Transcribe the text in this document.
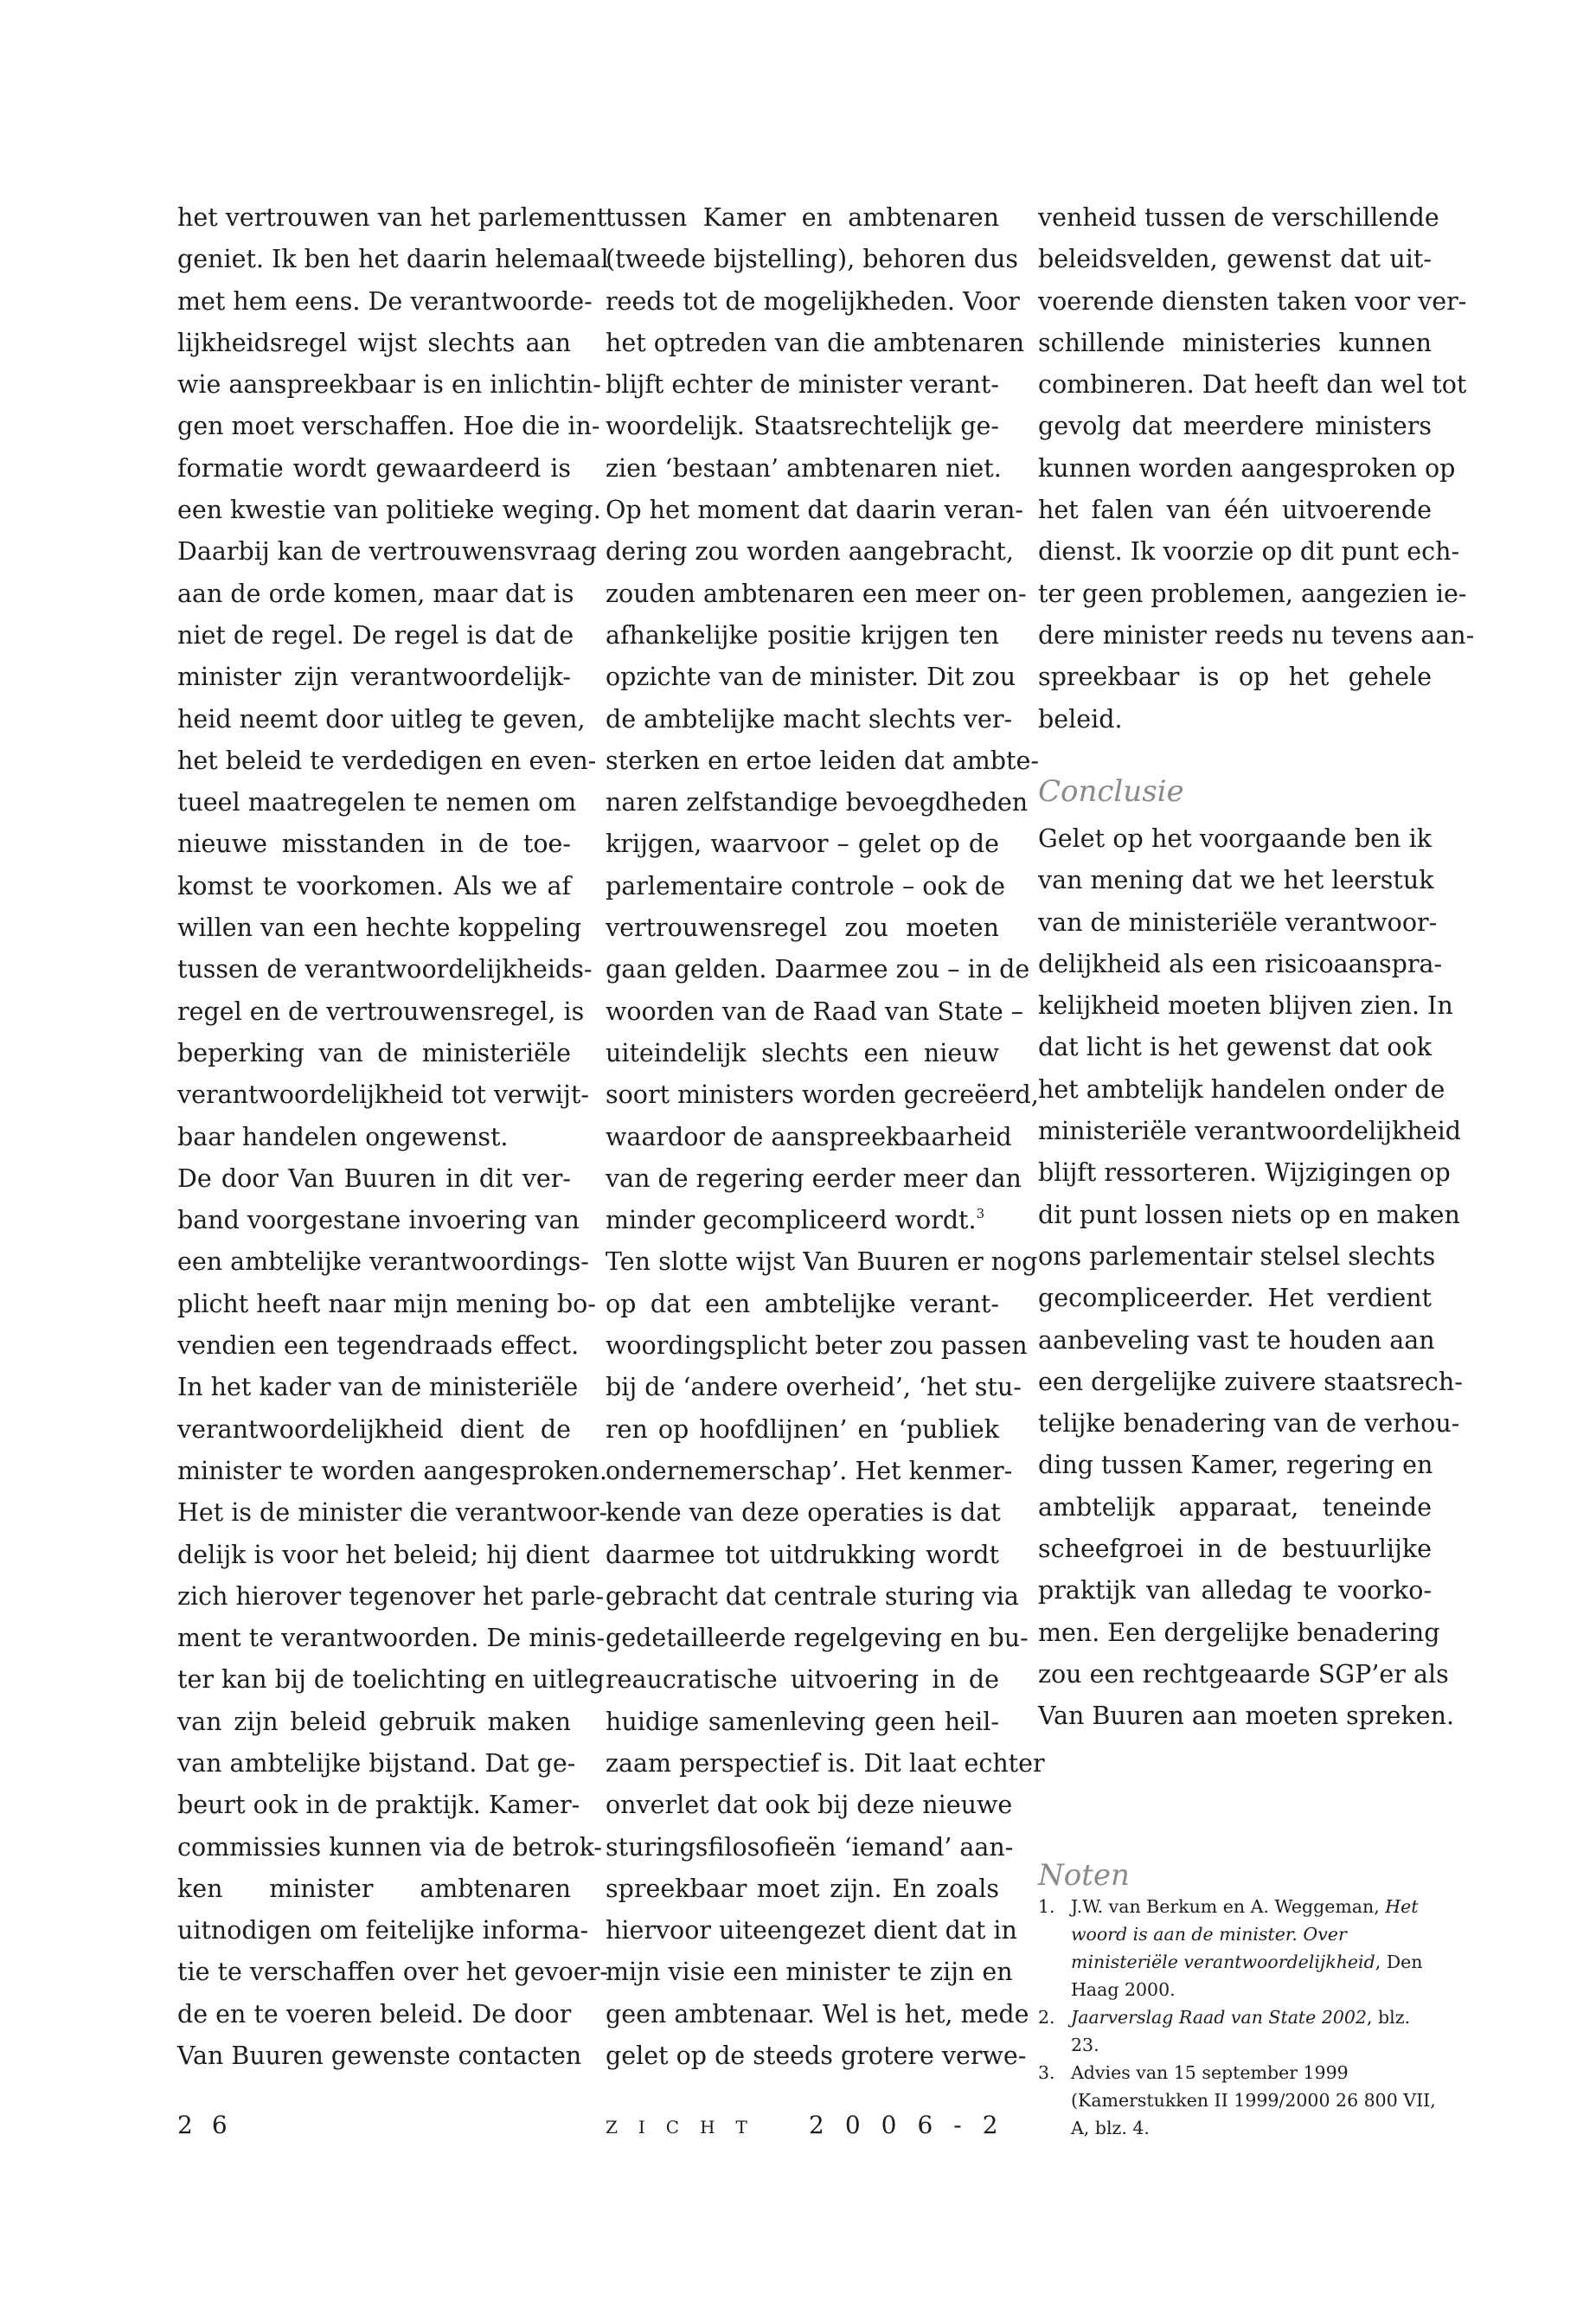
het vertrouwen van het parlement
geniet. Ik ben het daarin helemaal
met hem eens. De verantwoorde-
lijkheidsregel wijst slechts aan
wie aanspreekbaar is en inlichtin-
gen moet verschaffen. Hoe die in-
formatie wordt gewaardeerd is
een kwestie van politieke weging.
Daarbij kan de vertrouwensvraag
aan de orde komen, maar dat is
niet de regel. De regel is dat de
minister zijn verantwoordelijk-
heid neemt door uitleg te geven,
het beleid te verdedigen en even-
tueel maatregelen te nemen om
nieuwe misstanden in de toe-
komst te voorkomen. Als we af
willen van een hechte koppeling
tussen de verantwoordelijkheids-
regel en de vertrouwensregel, is
beperking van de ministeriële
verantwoordelijkheid tot verwijt-
baar handelen ongewenst.
De door Van Buuren in dit ver-
band voorgestane invoering van
een ambtelijke verantwoordings-
plicht heeft naar mijn mening bo-
vendien een tegendraads effect.
In het kader van de ministeriële
verantwoordelijkheid dient de
minister te worden aangesproken.
Het is de minister die verantwoor-
delijk is voor het beleid; hij dient
zich hierover tegenover het parle-
ment te verantwoorden. De minis-
ter kan bij de toelichting en uitleg
van zijn beleid gebruik maken
van ambtelijke bijstand. Dat ge-
beurt ook in de praktijk. Kamer-
commissies kunnen via de betrok-
ken minister ambtenaren
uitnodigen om feitelijke informa-
tie te verschaffen over het gevoer-
de en te voeren beleid. De door
Van Buuren gewenste contacten
tussen Kamer en ambtenaren
(tweede bijstelling), behoren dus
reeds tot de mogelijkheden. Voor
het optreden van die ambtenaren
blijft echter de minister verant-
woordelijk. Staatsrechtelijk ge-
zien ‘bestaan’ ambtenaren niet.
Op het moment dat daarin veran-
dering zou worden aangebracht,
zouden ambtenaren een meer on-
afhankelijke positie krijgen ten
opzichte van de minister. Dit zou
de ambtelijke macht slechts ver-
sterken en ertoe leiden dat ambte-
naren zelfstandige bevoegdheden
krijgen, waarvoor – gelet op de
parlementaire controle – ook de
vertrouwensregel zou moeten
gaan gelden. Daarmee zou – in de
woorden van de Raad van State –
uiteindelijk slechts een nieuw
soort ministers worden gecreëerd,
waardoor de aanspreekbaarheid
van de regering eerder meer dan
minder gecompliceerd wordt.$^3$
Ten slotte wijst Van Buuren er nog
op dat een ambtelijke verant-
woordingsplicht beter zou passen
bij de ‘andere overheid’, ‘het stu-
ren op hoofdlijnen’ en ‘publiek
ondernemerschap’. Het kenmer-
kende van deze operaties is dat
daarmee tot uitdrukking wordt
gebracht dat centrale sturing via
gedetailleerde regelgeving en bu-
reaucratische uitvoering in de
huidige samenleving geen heil-
zaam perspectief is. Dit laat echter
onverlet dat ook bij deze nieuwe
sturingsfilosofieën ‘iemand’ aan-
spreekbaar moet zijn. En zoals
hiervoor uiteengezet dient dat in
mijn visie een minister te zijn en
geen ambtenaar. Wel is het, mede
gelet op de steeds grotere verwe-
venheid tussen de verschillende
beleidsvelden, gewenst dat uit-
voerende diensten taken voor ver-
schillende ministeries kunnen
combineren. Dat heeft dan wel tot
gevolg dat meerdere ministers
kunnen worden aangesproken op
het falen van één uitvoerende
dienst. Ik voorzie op dit punt ech-
ter geen problemen, aangezien ie-
dere minister reeds nu tevens aan-
spreekbaar is op het gehele
beleid.
Conclusie
Gelet op het voorgaande ben ik
van mening dat we het leerstuk
van de ministeriële verantwoor-
delijkheid als een risicoaanspra-
kelijkheid moeten blijven zien. In
dat licht is het gewenst dat ook
het ambtelijk handelen onder de
ministeriële verantwoordelijkheid
blijft ressorteren. Wijzigingen op
dit punt lossen niets op en maken
ons parlementair stelsel slechts
gecompliceerder. Het verdient
aanbeveling vast te houden aan
een dergelijke zuivere staatsrech-
telijke benadering van de verhou-
ding tussen Kamer, regering en
ambtelijk apparaat, teneinde
scheefgroei in de bestuurlijke
praktijk van alledag te voorko-
men. Een dergelijke benadering
zou een rechtgeaarde SGP’er als
Van Buuren aan moeten spreken.
Noten
1. J.W. van Berkum en A. Weggeman, Het woord is aan de minister. Over ministeriële verantwoordelijkheid, Den Haag 2000.
2. Jaarverslag Raad van State 2002, blz. 23.
3. Advies van 15 september 1999 (Kamerstukken II 1999/2000 26 800 VII, A, blz. 4.
26	zicht 2006-2
